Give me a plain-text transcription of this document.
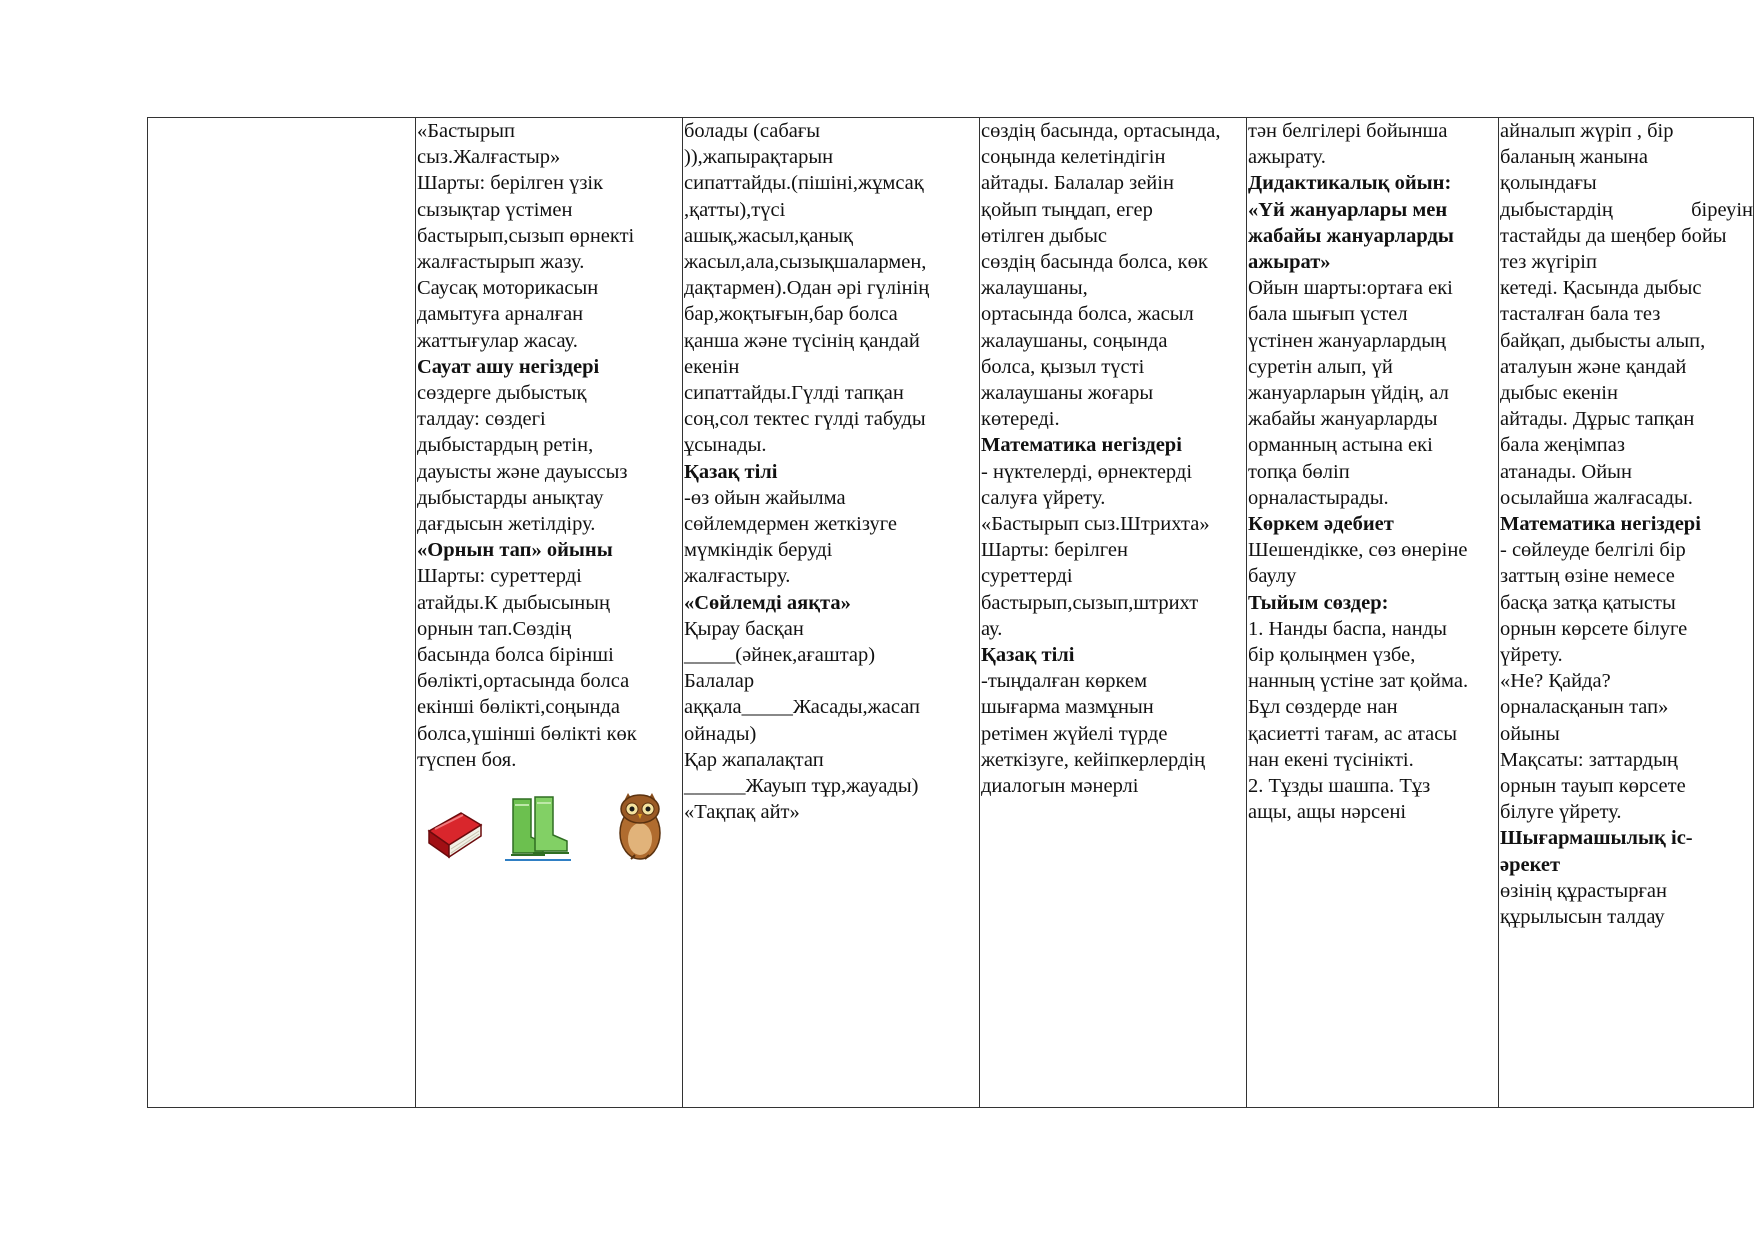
«Бастырып
сыз.Жалғастыр»
Шарты: берілген үзік
сызықтар үстімен
бастырып,сызып өрнекті
жалғастырып жазу.
Саусақ моторикасын
дамытуға арналған
жаттығулар жасау.
Сауат ашу негіздері
сөздерге дыбыстық
талдау: сөздегі
дыбыстардың ретін,
дауысты және дауыссыз
дыбыстарды анықтау
дағдысын жетілдіру.
«Орнын тап» ойыны
Шарты: суреттерді
атайды.К дыбысының
орнын тап.Сөздің
басында болса бірінші
бөлікті,ортасында болса
екінші бөлікті,соңында
болса,үшінші бөлікті көк
түспен боя.

болады (сабағы
)),жапырақтарын
сипаттайды.(пішіні,жұмсақ
,қатты),түсі
ашық,жасыл,қанық
жасыл,ала,сызықшалармен,
дақтармен).Одан әрі гүлінің
бар,жоқтығын,бар болса
қанша және түсінің қандай
екенін
сипаттайды.Гүлді тапқан
соң,сол тектес гүлді табуды
ұсынады.
Қазақ тілі
-өз ойын жайылма
сөйлемдермен жеткізуге
мүмкіндік беруді
жалғастыру.
«Сөйлемді аяқта»
Қырау басқан
_____(әйнек,ағаштар)
Балалар
аққала_____Жасады,жасап
ойнады)
Қар жапалақтап
______Жауып тұр,жауады)
«Тақпақ айт»

сөздің басында, ортасында,
соңында келетіндігін
айтады. Балалар зейін
қойып тыңдап, егер
өтілген дыбыс
сөздің басында болса, көк
жалаушаны,
ортасында болса, жасыл
жалаушаны, соңында
болса, қызыл түсті
жалаушаны жоғары
көтереді.
Математика негіздері
- нүктелерді, өрнектерді
салуға үйрету.
«Бастырып сыз.Штрихта»
Шарты: берілген
суреттерді
бастырып,сызып,штрихт
ау.
Қазақ тілі
-тыңдалған көркем
шығарма мазмұнын
ретімен жүйелі түрде
жеткізуге, кейіпкерлердің
диалогын мәнерлі

тән белгілері бойынша
ажырату.
Дидактикалық ойын:
«Үй жануарлары мен
жабайы жануарларды
ажырат»
Ойын шарты:ортаға екі
бала шығып үстел
үстінен жануарлардың
суретін алып, үй
жануарларын үйдің, ал
жабайы жануарларды
орманның астына екі
топқа бөліп
орналастырады.
Көркем әдебиет
Шешендікке, сөз өнеріне
баулу
Тыйым сөздер:
1. Нанды баспа, нанды
бір қолыңмен үзбе,
нанның үстіне зат қойма.
Бұл сөздерде нан
қасиетті тағам, ас атасы
нан екені түсінікті.
2. Тұзды шашпа. Тұз
ащы, ащы нәрсені

айналып жүріп , бір
баланың жанына
қолындағы
дыбыстардің біреуін
тастайды да шеңбер бойы
тез жүгіріп
кетеді. Қасында дыбыс
тасталған бала тез
байқап, дыбысты алып,
аталуын және қандай
дыбыс екенін
айтады. Дұрыс тапқан
бала жеңімпаз
атанады. Ойын
осылайша жалғасады.
Математика негіздері
- сөйлеуде белгілі бір
заттың өзіне немесе
басқа затқа қатысты
орнын көрсете білуге
үйрету.
«Не? Қайда?
орналасқанын тап»
ойыны
Мақсаты: заттардың
орнын тауып көрсете
білуге үйрету.
Шығармашылық іс-
әрекет
өзінің құрастырған
құрылысын талдау
